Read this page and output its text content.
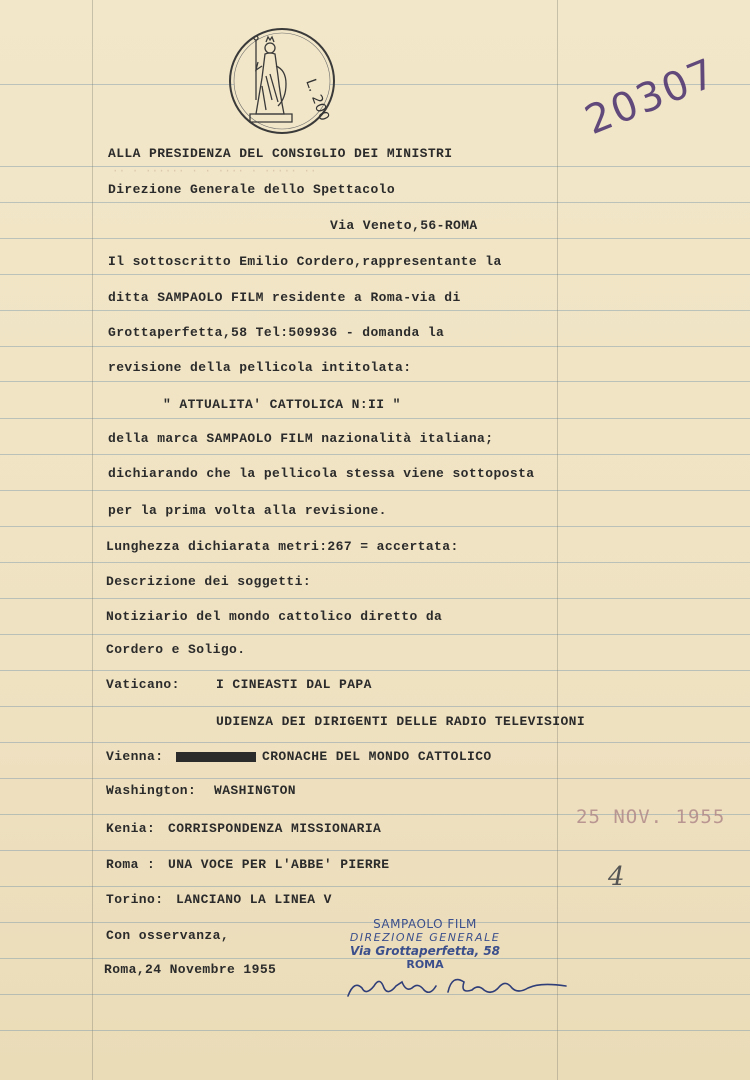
L. 200	20307
ALLA PRESIDENZA DEL CONSIGLIO DEI MINISTRI
Direzione Generale dello Spettacolo
Via Veneto,56-ROMA
Il sottoscritto Emilio Cordero,rappresentante la
ditta SAMPAOLO FILM residente a Roma-via di
Grottaperfetta,58 Tel:509936 - domanda la
revisione della pellicola intitolata:
" ATTUALITA' CATTOLICA N:II "
della marca SAMPAOLO FILM nazionalità italiana;
dichiarando che la pellicola stessa viene sottoposta
per la prima volta alla revisione.
Lunghezza dichiarata metri:267 = accertata:
Descrizione dei soggetti:
Notiziario del mondo cattolico diretto da
Cordero e Soligo.
Vaticano:	I CINEASTI DAL PAPA
UDIENZA DEI DIRIGENTI DELLE RADIO TELEVISIONI
Vienna:	CRONACHE DEL MONDO CATTOLICO
Washington: WASHINGTON
Kenia: CORRISPONDENZA MISSIONARIA
Roma : UNA VOCE PER L'ABBE' PIERRE
Torino: LANCIANO LA LINEA V
Con osservanza,
Roma,24 Novembre 1955
25 NOV. 1955
4
SAMPAOLO FILM
DIREZIONE GENERALE
Via Grottaperfetta, 58
ROMA
·· · ······ · · ···· · ····· ··
